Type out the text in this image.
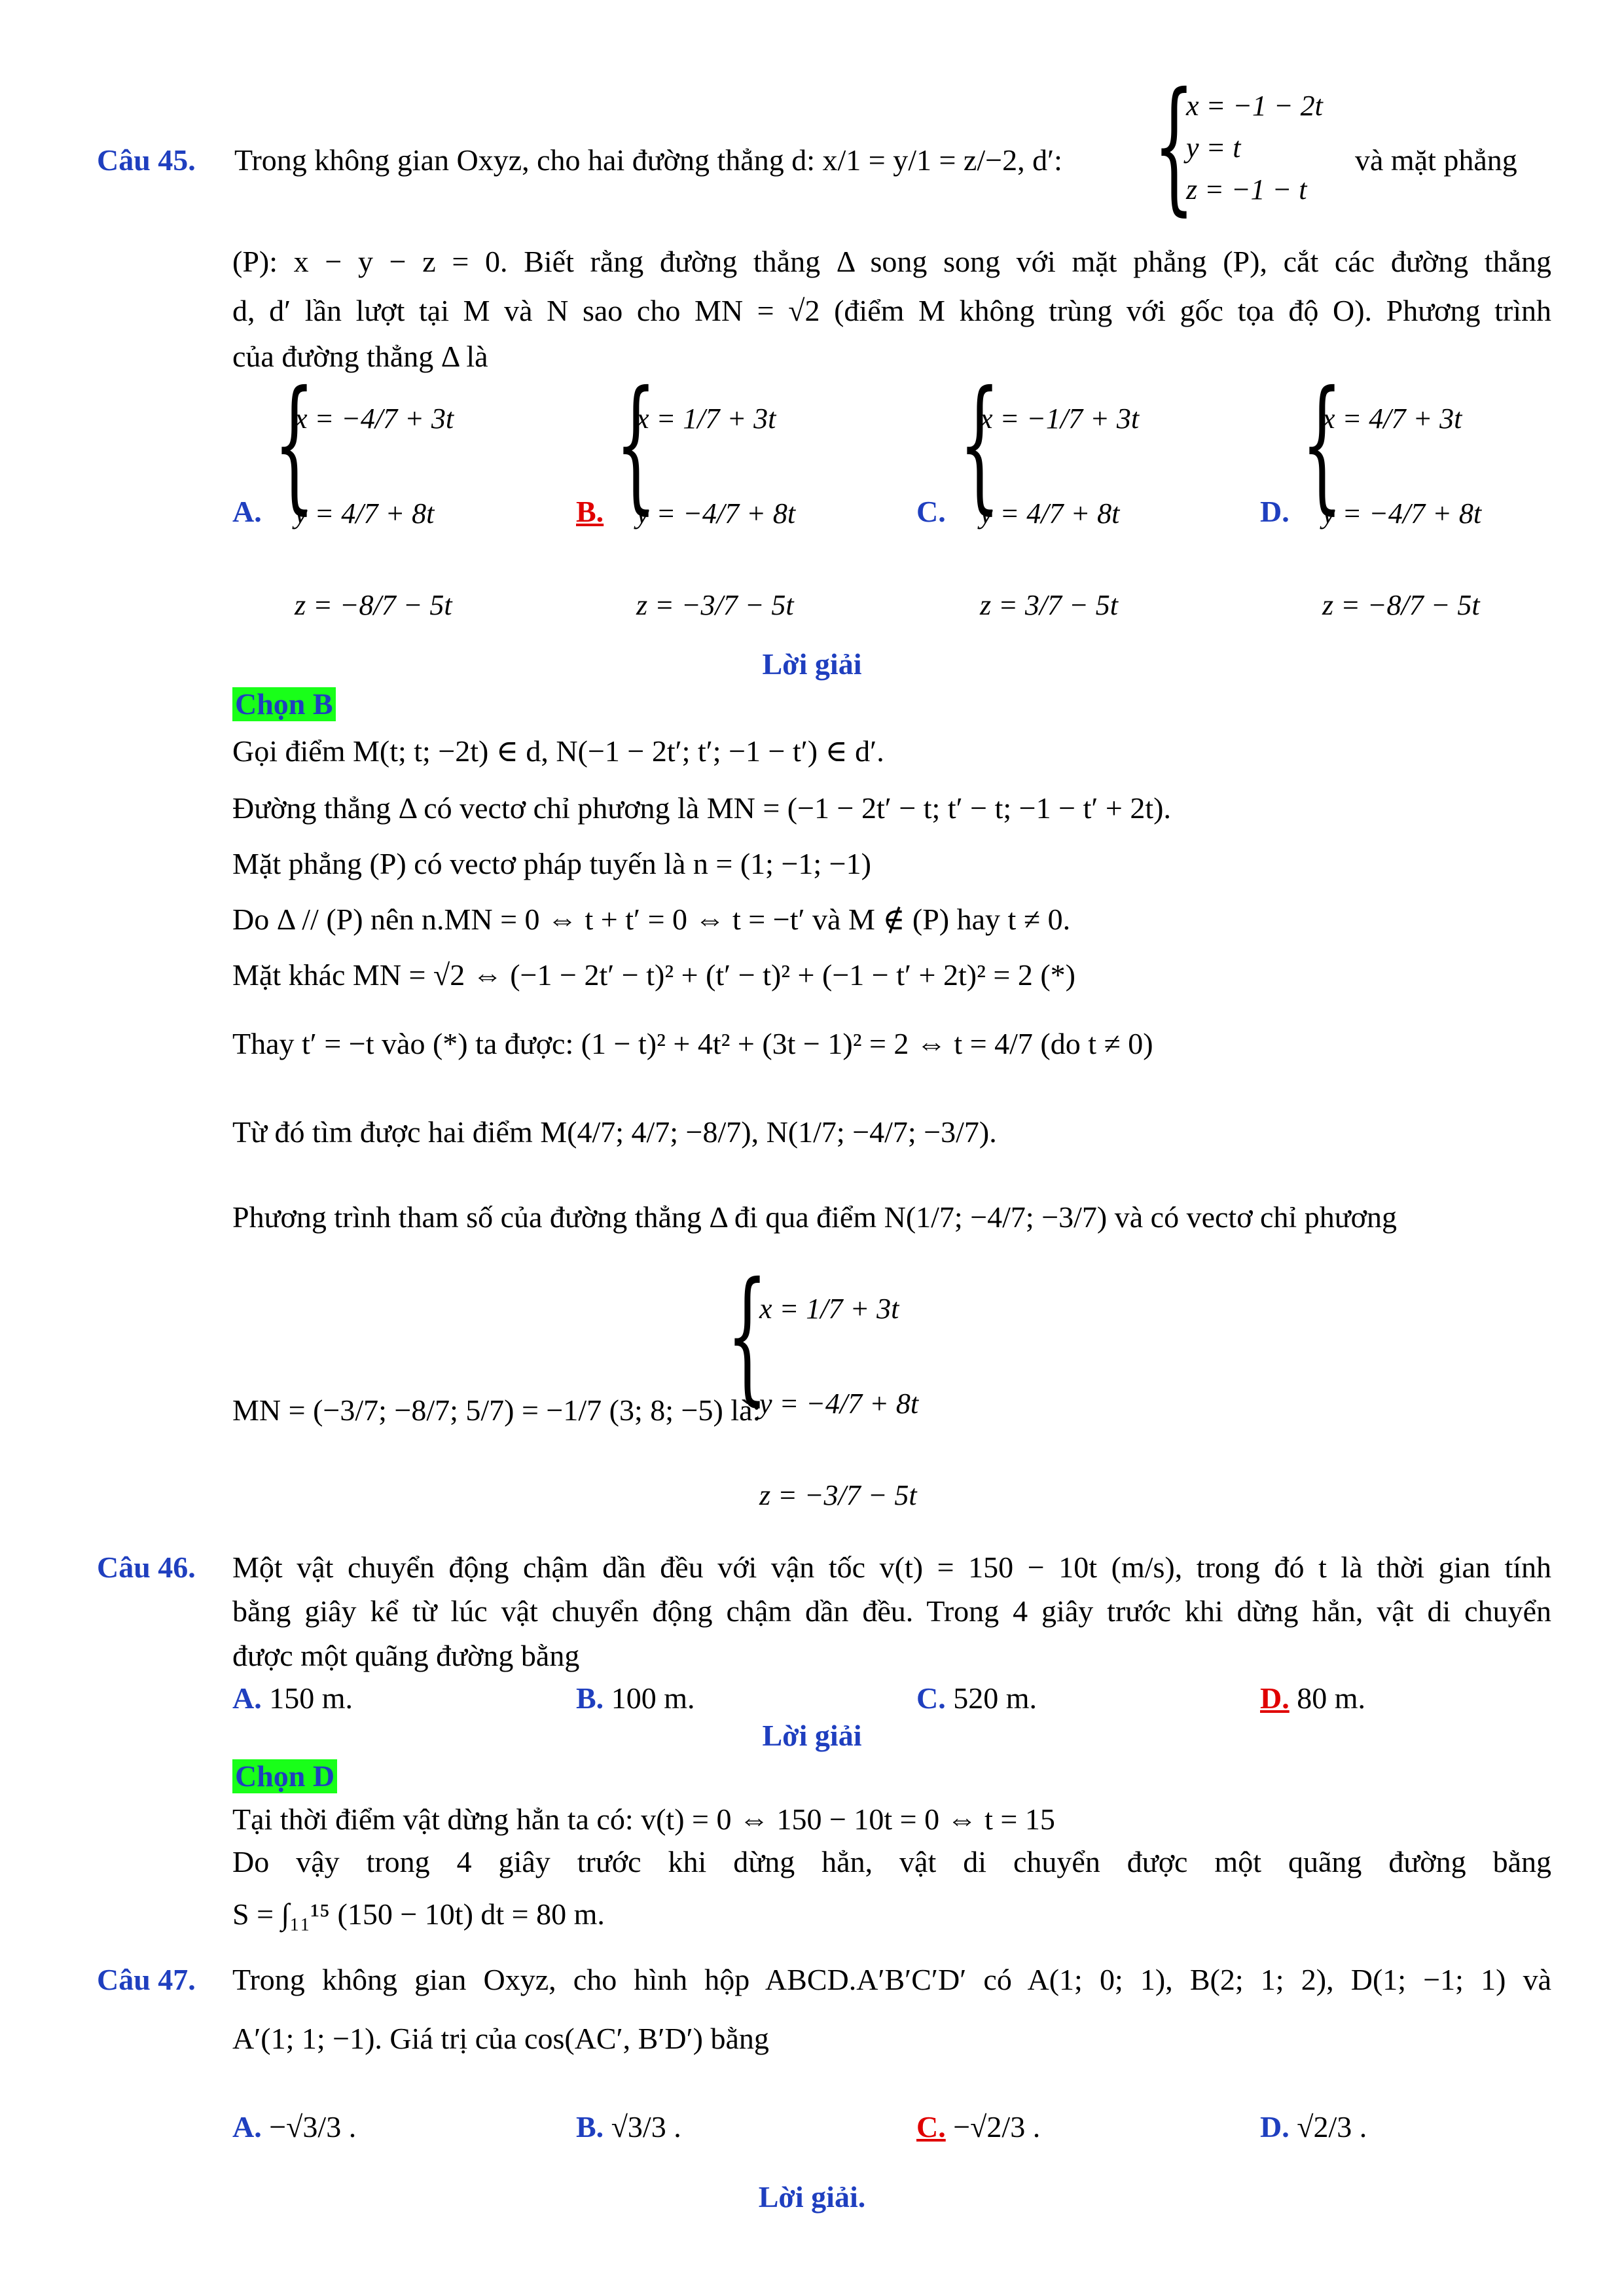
Câu 45. Trong không gian Oxyz, cho hai đường thẳng d: x/1 = y/1 = z/−2, d′: {
x = −1 − 2t
y = t
z = −1 − t
và mặt phẳng
(P): x − y − z = 0. Biết rằng đường thẳng Δ song song với mặt phẳng (P), cắt các đường thẳng
d, d′ lần lượt tại M và N sao cho MN = √2 (điểm M không trùng với gốc tọa độ O). Phương trình
của đường thẳng Δ là
A. {
x = −4/7 + 3t
y = 4/7 + 8t
z = −8/7 − 5t
B. {
x = 1/7 + 3t
y = −4/7 + 8t
z = −3/7 − 5t
C. {
x = −1/7 + 3t
y = 4/7 + 8t
z = 3/7 − 5t
D. {
x = 4/7 + 3t
y = −4/7 + 8t
z = −8/7 − 5t
Lời giải
Chọn B
Gọi điểm M(t; t; −2t) ∈ d, N(−1 − 2t′; t′; −1 − t′) ∈ d′.
Đường thẳng Δ có vectơ chỉ phương là MN = (−1 − 2t′ − t; t′ − t; −1 − t′ + 2t).
Mặt phẳng (P) có vectơ pháp tuyến là n = (1; −1; −1)
Do Δ // (P) nên n.MN = 0 ⇔ t + t′ = 0 ⇔ t = −t′ và M ∉ (P) hay t ≠ 0.
Mặt khác MN = √2 ⇔ (−1 − 2t′ − t)² + (t′ − t)² + (−1 − t′ + 2t)² = 2 (*)
Thay t′ = −t vào (*) ta được: (1 − t)² + 4t² + (3t − 1)² = 2 ⇔ t = 4/7 (do t ≠ 0)
Từ đó tìm được hai điểm M(4/7; 4/7; −8/7), N(1/7; −4/7; −3/7).
Phương trình tham số của đường thẳng Δ đi qua điểm N(1/7; −4/7; −3/7) và có vectơ chỉ phương
MN = (−3/7; −8/7; 5/7) = −1/7 (3; 8; −5) là:
{
x = 1/7 + 3t
y = −4/7 + 8t
z = −3/7 − 5t
Câu 46. Một vật chuyển động chậm dần đều với vận tốc v(t) = 150 − 10t (m/s), trong đó t là thời gian tính
bằng giây kể từ lúc vật chuyển động chậm dần đều. Trong 4 giây trước khi dừng hẳn, vật di chuyển
được một quãng đường bằng
A. 150 m.	B. 100 m.	C. 520 m.	D. 80 m.
Lời giải
Chọn D
Tại thời điểm vật dừng hẳn ta có: v(t) = 0 ⇔ 150 − 10t = 0 ⇔ t = 15
Do vậy trong 4 giây trước khi dừng hẳn, vật di chuyển được một quãng đường bằng
S = ∫₁₁¹⁵ (150 − 10t) dt = 80 m.
Câu 47. Trong không gian Oxyz, cho hình hộp ABCD.A′B′C′D′ có A(1; 0; 1), B(2; 1; 2), D(1; −1; 1) và
A′(1; 1; −1). Giá trị của cos(AC′, B′D′) bằng
A. −√3/3 .	B. √3/3 .	C. −√2/3 .	D. √2/3 .
Lời giải.
